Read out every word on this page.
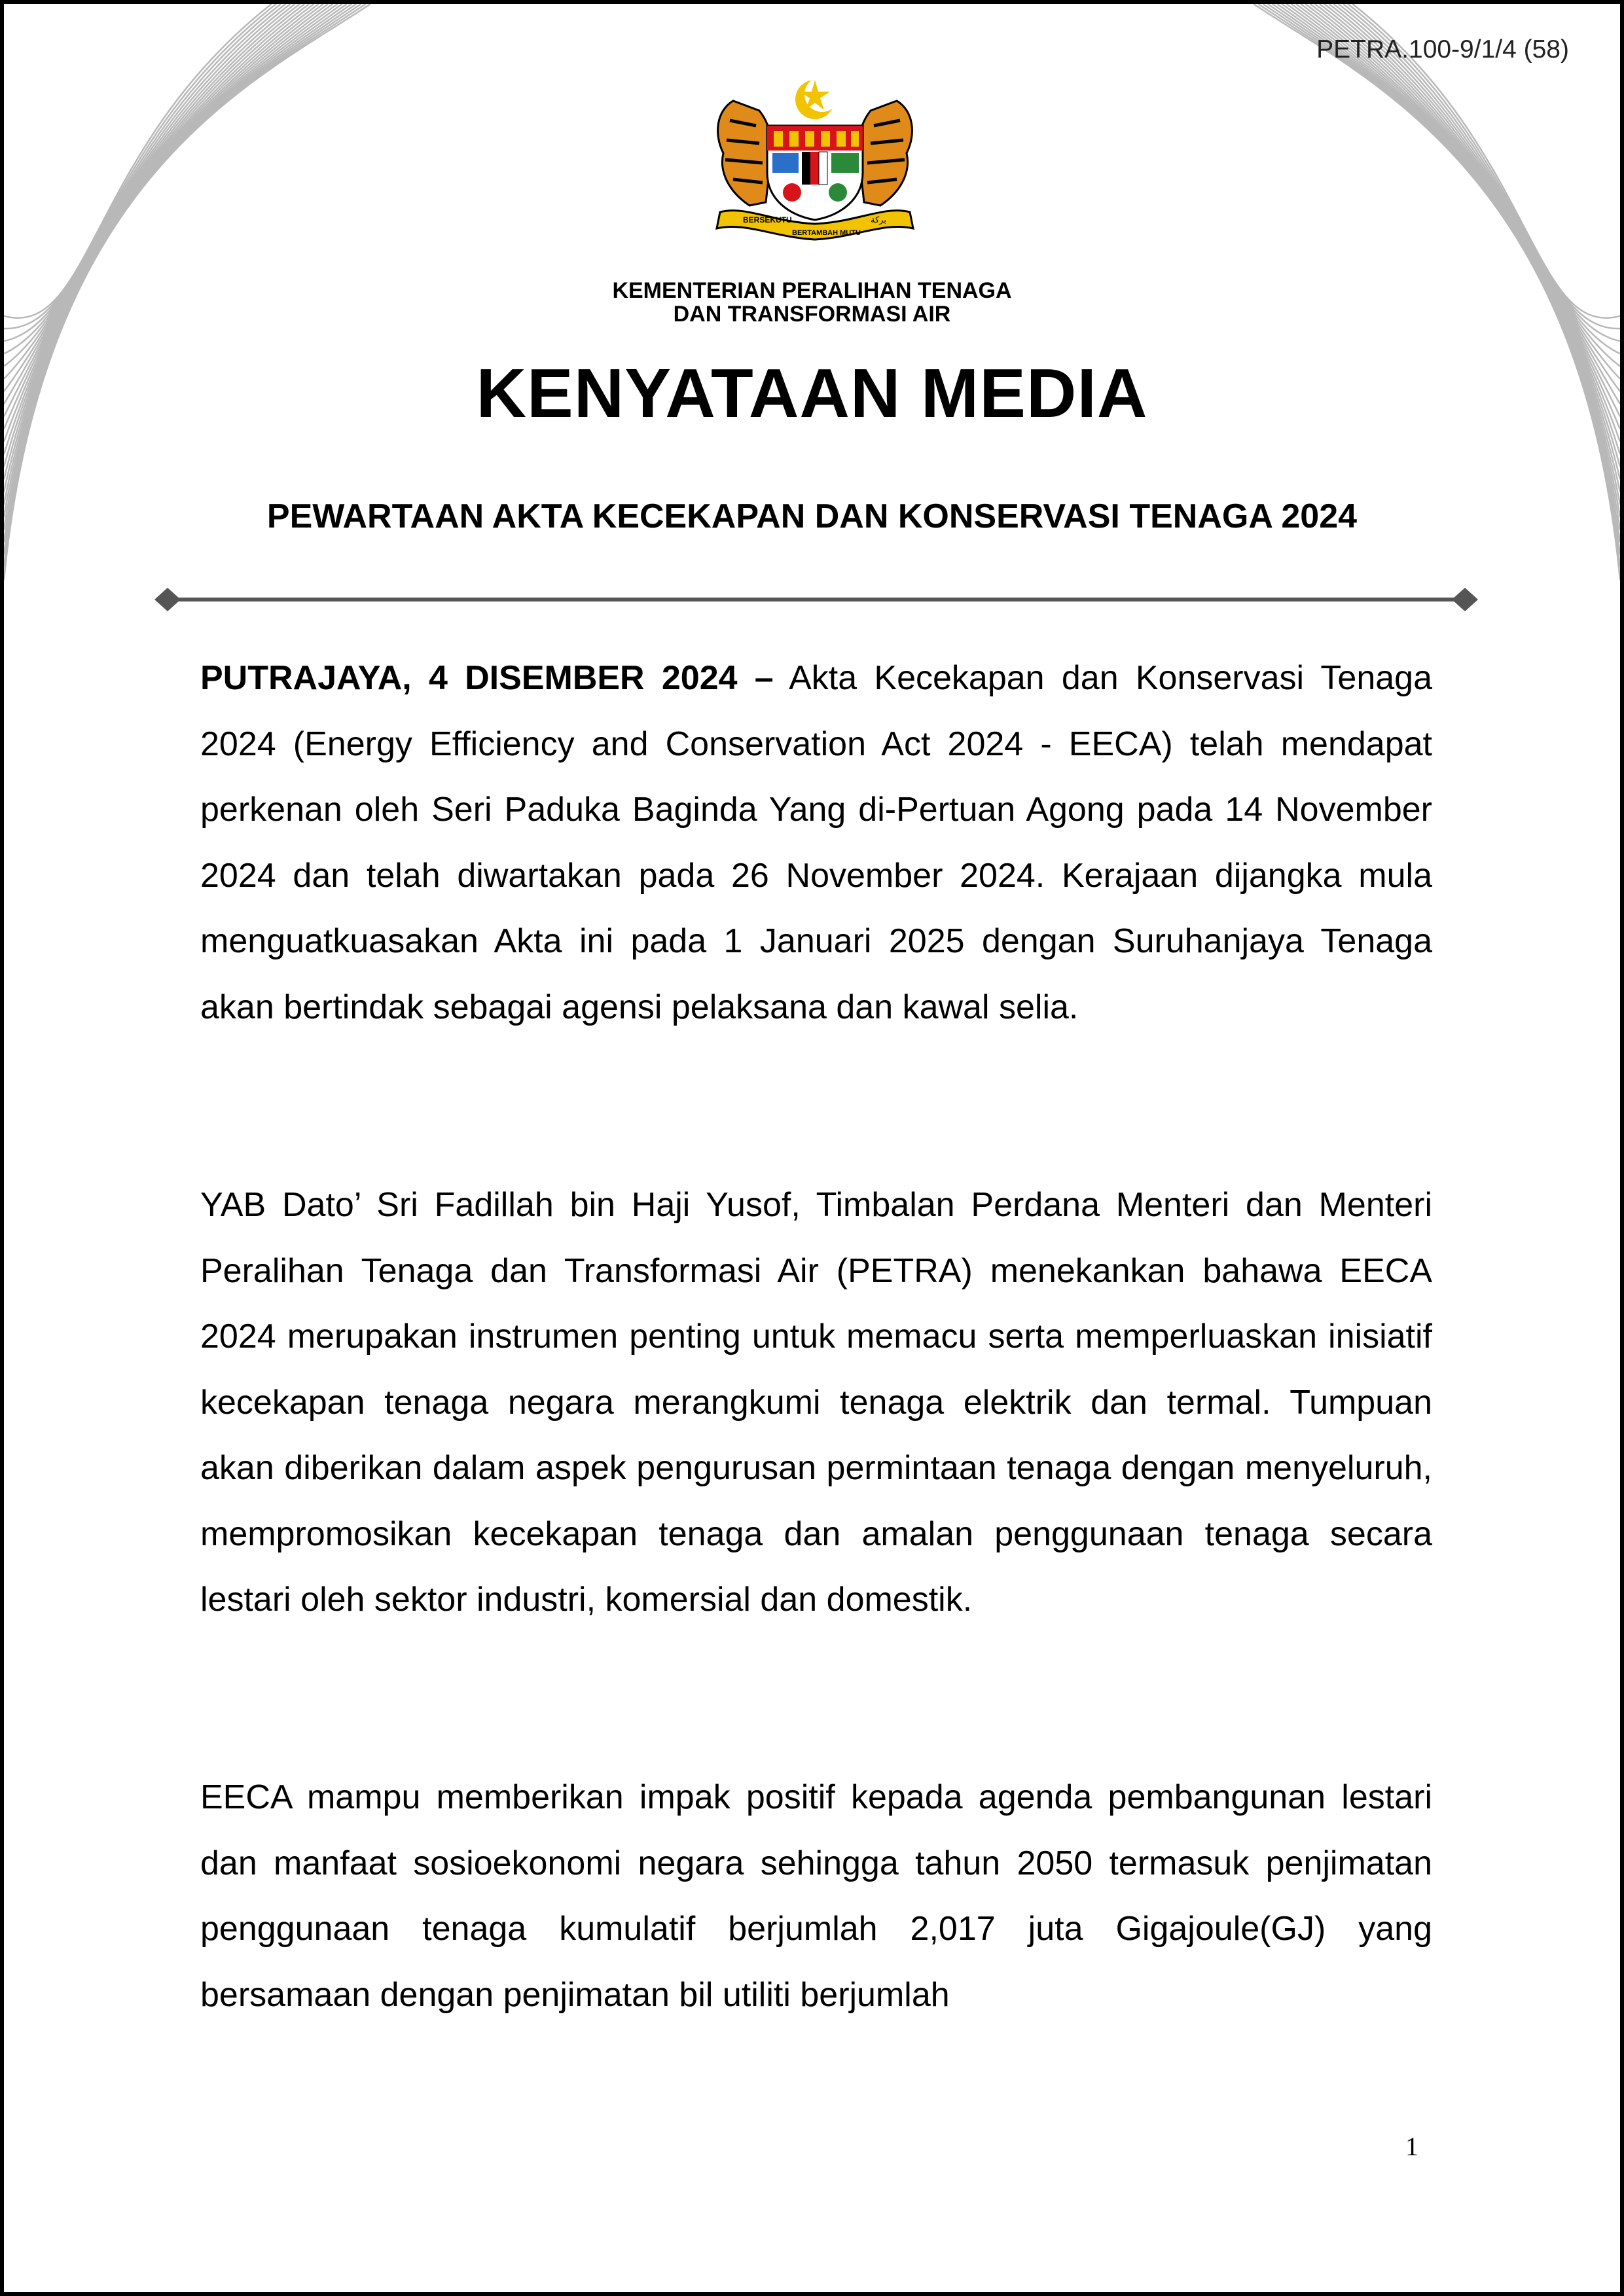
PETRA.100-9/1/4 (58)
BERSEKUTU
BERTAMBAH MUTU
بركة
KEMENTERIAN PERALIHAN TENAGA
DAN TRANSFORMASI AIR
KENYATAAN MEDIA
PEWARTAAN AKTA KECEKAPAN DAN KONSERVASI TENAGA 2024

PUTRAJAYA, 4 DISEMBER 2024 – Akta Kecekapan dan Konservasi Tenaga 2024 (Energy Efficiency and Conservation Act 2024 - EECA) telah mendapat perkenan oleh Seri Paduka Baginda Yang di-Pertuan Agong pada 14 November 2024 dan telah diwartakan pada 26 November 2024. Kerajaan dijangka mula menguatkuasakan Akta ini pada 1 Januari 2025 dengan Suruhanjaya Tenaga akan bertindak sebagai agensi pelaksana dan kawal selia.

YAB Dato’ Sri Fadillah bin Haji Yusof, Timbalan Perdana Menteri dan Menteri Peralihan Tenaga dan Transformasi Air (PETRA) menekankan bahawa EECA 2024 merupakan instrumen penting untuk memacu serta memperluaskan inisiatif kecekapan tenaga negara merangkumi tenaga elektrik dan termal. Tumpuan akan diberikan dalam aspek pengurusan permintaan tenaga dengan menyeluruh, mempromosikan kecekapan tenaga dan amalan penggunaan tenaga secara lestari oleh sektor industri, komersial dan domestik.

EECA mampu memberikan impak positif kepada agenda pembangunan lestari dan manfaat sosioekonomi negara sehingga tahun 2050 termasuk penjimatan penggunaan tenaga kumulatif berjumlah 2,017 juta Gigajoule(GJ) yang bersamaan dengan penjimatan bil utiliti berjumlah

1
